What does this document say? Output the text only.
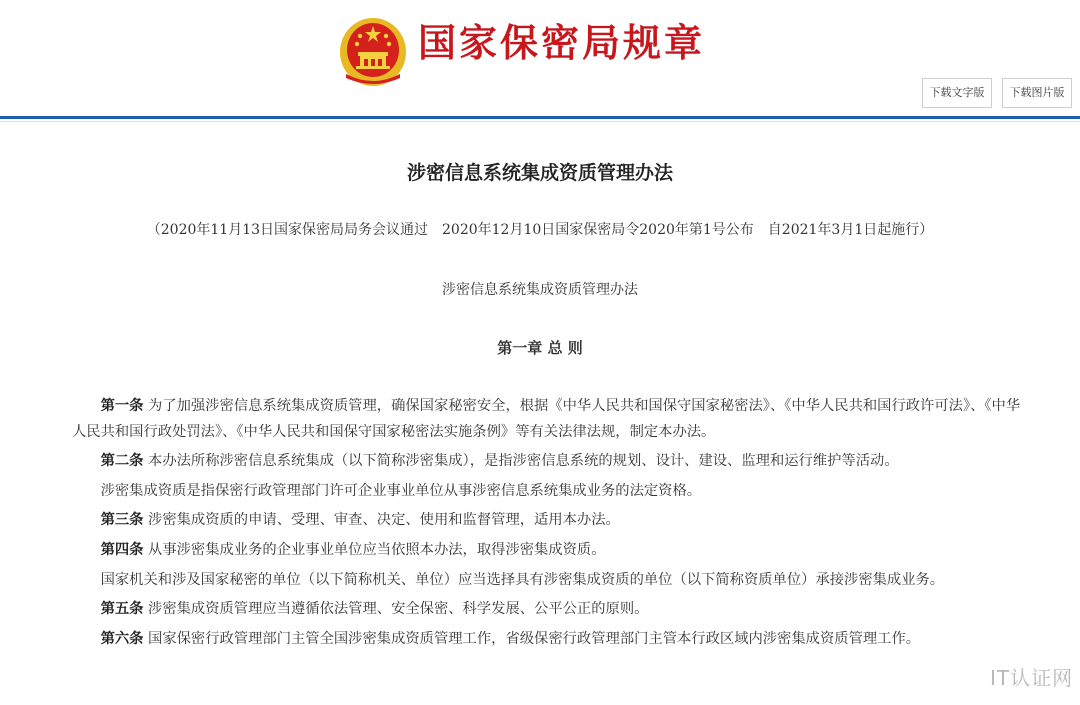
国家保密局规章
下载文字版	下载图片版
涉密信息系统集成资质管理办法
（2020年11月13日国家保密局局务会议通过　2020年12月10日国家保密局令2020年第1号公布　自2021年3月1日起施行）
涉密信息系统集成资质管理办法
第一章 总 则

第一条 为了加强涉密信息系统集成资质管理，确保国家秘密安全，根据《中华人民共和国保守国家秘密法》、《中华人民共和国行政许可法》、《中华人民共和国行政处罚法》、《中华人民共和国保守国家秘密法实施条例》等有关法律法规，制定本办法。

第二条 本办法所称涉密信息系统集成（以下简称涉密集成），是指涉密信息系统的规划、设计、建设、监理和运行维护等活动。

涉密集成资质是指保密行政管理部门许可企业事业单位从事涉密信息系统集成业务的法定资格。

第三条 涉密集成资质的申请、受理、审查、决定、使用和监督管理，适用本办法。

第四条 从事涉密集成业务的企业事业单位应当依照本办法，取得涉密集成资质。

国家机关和涉及国家秘密的单位（以下简称机关、单位）应当选择具有涉密集成资质的单位（以下简称资质单位）承接涉密集成业务。

第五条 涉密集成资质管理应当遵循依法管理、安全保密、科学发展、公平公正的原则。

第六条 国家保密行政管理部门主管全国涉密集成资质管理工作，省级保密行政管理部门主管本行政区域内涉密集成资质管理工作。

IT认证网
